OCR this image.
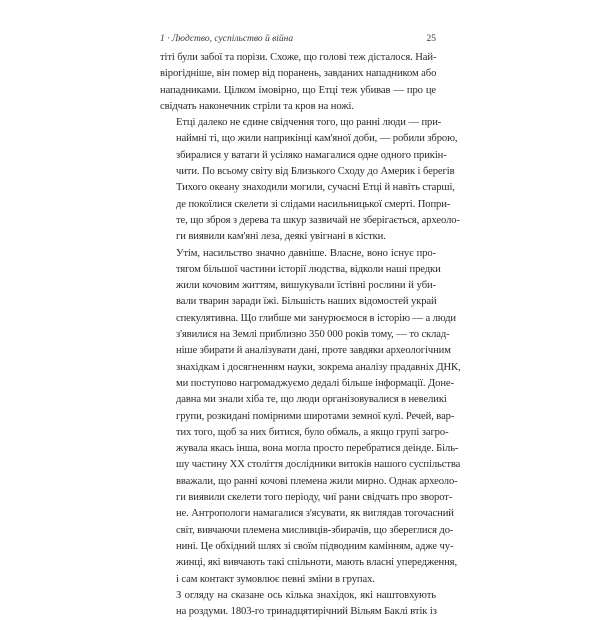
1 · Людство, суспільство й війна	25

тіті були забої та порізи. Схоже, що голові теж дісталося. Най-
вірогідніше, він помер від поранень, завданих нападником або
нападниками. Цілком імовірно, що Етці теж убивав — про це
свідчать наконечник стріли та кров на ножі.

Етці далеко не єдине свідчення того, що ранні люди — при-
наймні ті, що жили наприкінці кам'яної доби, — робили зброю,
збиралися у ватаги й усіляко намагалися одне одного прикін-
чити. По всьому світу від Близького Сходу до Америк і берегів
Тихого океану знаходили могили, сучасні Етці й навіть старші,
де покоїлися скелети зі слідами насильницької смерті. Попри-
те, що зброя з дерева та шкур зазвичай не зберігається, археоло-
ги виявили кам'яні леза, деякі увігнані в кістки.

Утім, насильство значно давніше. Власне, воно існує про-
тягом більшої частини історії людства, відколи наші предки
жили кочовим життям, вишукували їстівні рослини й уби-
вали тварин заради їжі. Більшість наших відомостей украй
спекулятивна. Що глибше ми занурюємося в історію — а люди
з'явилися на Землі приблизно 350 000 років тому, — то склад-
ніше збирати й аналізувати дані, проте завдяки археологічним
знахідкам і досягненням науки, зокрема аналізу прадавніх ДНК,
ми поступово нагромаджуємо дедалі більше інформації. Доне-
давна ми знали хіба те, що люди організовувалися в невеликі
групи, розкидані помірними широтами земної кулі. Речей, вар-
тих того, щоб за них битися, було обмаль, а якщо групі загро-
жувала якась інша, вона могла просто перебратися деінде. Біль-
шу частину XX століття дослідники витоків нашого суспільства
вважали, що ранні кочові племена жили мирно. Однак археоло-
ги виявили скелети того періоду, чиї рани свідчать про зворот-
не. Антропологи намагалися з'ясувати, як виглядав тогочасний
світ, вивчаючи племена мисливців-збирачів, що збереглися до-
нині. Це обхідний шлях зі своїм підводним камінням, адже чу-
жинці, які вивчають такі спільноти, мають власні упередження,
і сам контакт зумовлює певні зміни в групах.

З огляду на сказане ось кілька знахідок, які наштовхують
на роздуми. 1803-го тринадцятирічний Вільям Баклі втік із
